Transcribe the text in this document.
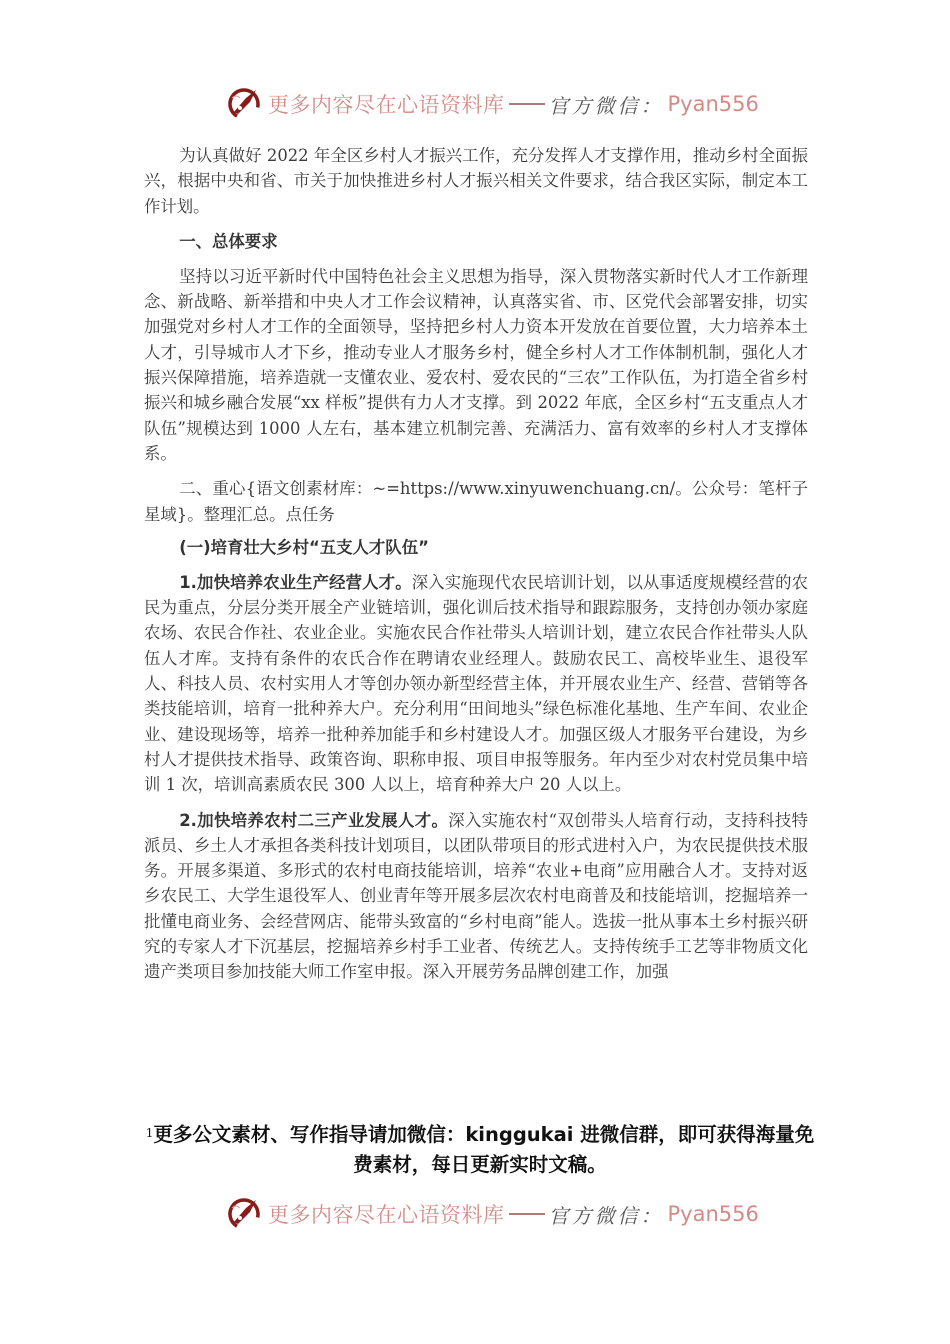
更多内容尽在心语资料库 官方微信： Pyan556

为认真做好 2022 年全区乡村人才振兴工作，充分发挥人才支撑作用，推动乡村全面振兴，根据中央和省、市关于加快推进乡村人才振兴相关文件要求，结合我区实际，制定本工作计划。

一、总体要求

坚持以习近平新时代中国特色社会主义思想为指导，深入贯物落实新时代人才工作新理念、新战略、新举措和中央人才工作会议精神，认真落实省、市、区党代会部署安排，切实加强党对乡村人才工作的全面领导，坚持把乡村人力资本开发放在首要位置，大力培养本土人才，引导城市人才下乡，推动专业人才服务乡村，健全乡村人才工作体制机制，强化人才振兴保障措施，培养造就一支懂农业、爱农村、爱农民的“三农”工作队伍，为打造全省乡村振兴和城乡融合发展“xx 样板”提供有力人才支撑。到 2022 年底，全区乡村“五支重点人才队伍”规模达到 1000 人左右，基本建立机制完善、充满活力、富有效率的乡村人才支撑体系。

二、重心{语文创素材库：~=https://www.xinyuwenchuang.cn/。公众号：笔杆子星域}。整理汇总。点任务

(一)培育壮大乡村“五支人才队伍”

1.加快培养农业生产经营人才。深入实施现代农民培训计划，以从事适度规模经营的农民为重点，分层分类开展全产业链培训，强化训后技术指导和跟踪服务，支持创办领办家庭农场、农民合作社、农业企业。实施农民合作社带头人培训计划，建立农民合作社带头人队伍人才库。支持有条件的农氏合作在聘请农业经理人。鼓励农民工、高校毕业生、退役军人、科技人员、农村实用人才等创办领办新型经营主体，并开展农业生产、经营、营销等各类技能培训，培育一批种养大户。充分利用“田间地头”绿色标准化基地、生产车间、农业企业、建设现场等，培养一批种养加能手和乡村建设人才。加强区级人才服务平台建设，为乡村人才提供技术指导、政策咨询、职称申报、项目申报等服务。年内至少对农村党员集中培训 1 次，培训高素质农民 300 人以上，培育种养大户 20 人以上。

2.加快培养农村二三产业发展人才。深入实施农村“双创带头人培育行动，支持科技特派员、乡土人才承担各类科技计划项目，以团队带项目的形式进村入户，为农民提供技术服务。开展多渠道、多形式的农村电商技能培训，培养“农业+电商”应用融合人才。支持对返乡农民工、大学生退役军人、创业青年等开展多层次农村电商普及和技能培训，挖掘培养一批懂电商业务、会经营网店、能带头致富的“乡村电商”能人。选拔一批从事本土乡村振兴研究的专家人才下沉基层，挖掘培养乡村手工业者、传统艺人。支持传统手工艺等非物质文化遗产类项目参加技能大师工作室申报。深入开展劳务品牌创建工作，加强

$^1$更多公文素材、写作指导请加微信：kinggukai 进微信群，即可获得海量免费素材，每日更新实时文稿。
更多内容尽在心语资料库 官方微信： Pyan556
